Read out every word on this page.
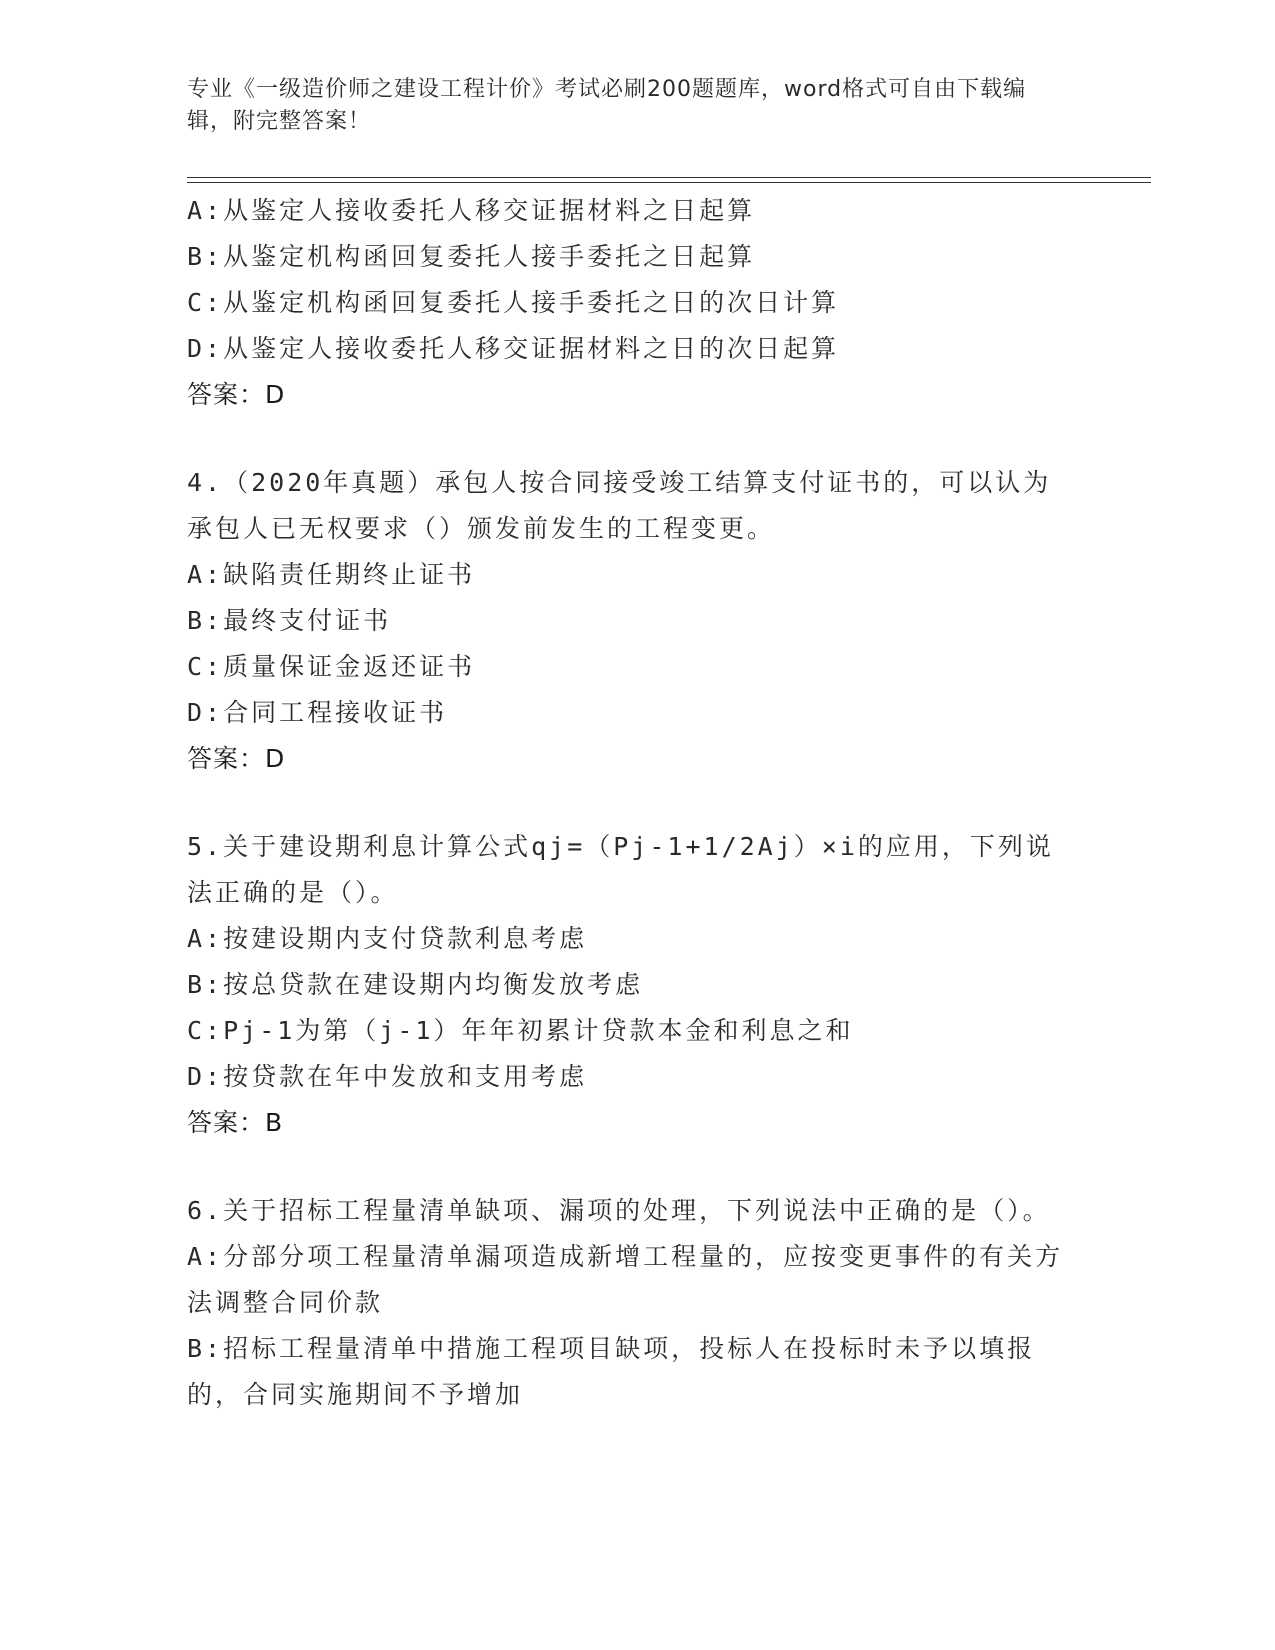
专业《一级造价师之建设工程计价》考试必刷200题题库，word格式可自由下载编辑，附完整答案！
A:从鉴定人接收委托人移交证据材料之日起算
B:从鉴定机构函回复委托人接手委托之日起算
C:从鉴定机构函回复委托人接手委托之日的次日计算
D:从鉴定人接收委托人移交证据材料之日的次日起算
答案：D
4.（2020年真题）承包人按合同接受竣工结算支付证书的，可以认为承包人已无权要求（）颁发前发生的工程变更。
A:缺陷责任期终止证书
B:最终支付证书
C:质量保证金返还证书
D:合同工程接收证书
答案：D
5.关于建设期利息计算公式qj=（Pj-1+1/2Aj）×i的应用，下列说法正确的是（）。
A:按建设期内支付贷款利息考虑
B:按总贷款在建设期内均衡发放考虑
C:Pj-1为第（j-1）年年初累计贷款本金和利息之和
D:按贷款在年中发放和支用考虑
答案：B
6.关于招标工程量清单缺项、漏项的处理，下列说法中正确的是（）。
A:分部分项工程量清单漏项造成新增工程量的，应按变更事件的有关方法调整合同价款
B:招标工程量清单中措施工程项目缺项，投标人在投标时未予以填报的，合同实施期间不予增加
